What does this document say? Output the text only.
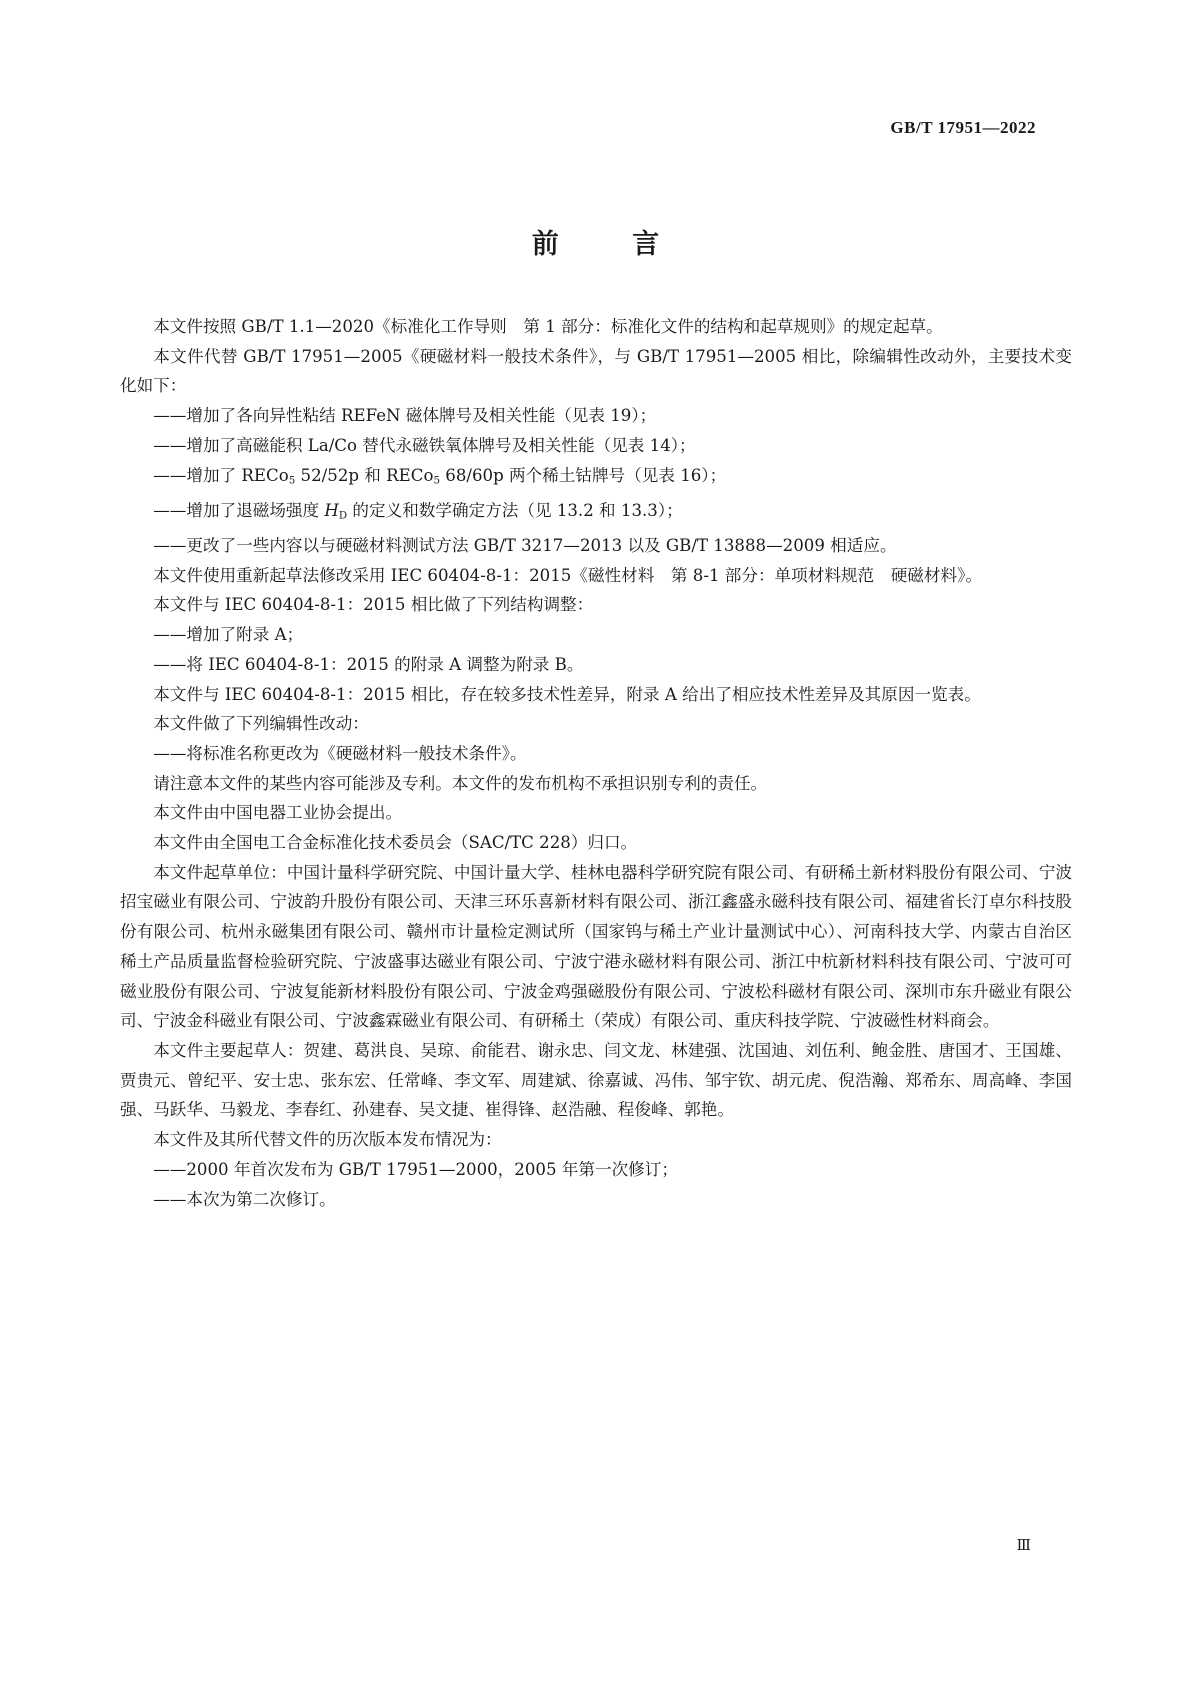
GB/T 17951—2022
前 言

本文件按照 GB/T 1.1—2020《标准化工作导则　第 1 部分：标准化文件的结构和起草规则》的规定起草。

本文件代替 GB/T 17951—2005《硬磁材料一般技术条件》，与 GB/T 17951—2005 相比，除编辑性改动外，主要技术变化如下：

——增加了各向异性粘结 REFeN 磁体牌号及相关性能（见表 19）；

——增加了高磁能积 La/Co 替代永磁铁氧体牌号及相关性能（见表 14）；

——增加了 RECo$_5$ 52/52p 和 RECo$_5$ 68/60p 两个稀土钴牌号（见表 16）；

——增加了退磁场强度 $H_D$ 的定义和数学确定方法（见 13.2 和 13.3）；

——更改了一些内容以与硬磁材料测试方法 GB/T 3217—2013 以及 GB/T 13888—2009 相适应。

本文件使用重新起草法修改采用 IEC 60404-8-1：2015《磁性材料　第 8-1 部分：单项材料规范　硬磁材料》。

本文件与 IEC 60404-8-1：2015 相比做了下列结构调整：

——增加了附录 A；

——将 IEC 60404-8-1：2015 的附录 A 调整为附录 B。

本文件与 IEC 60404-8-1：2015 相比，存在较多技术性差异，附录 A 给出了相应技术性差异及其原因一览表。

本文件做了下列编辑性改动：

——将标准名称更改为《硬磁材料一般技术条件》。

请注意本文件的某些内容可能涉及专利。本文件的发布机构不承担识别专利的责任。

本文件由中国电器工业协会提出。

本文件由全国电工合金标准化技术委员会（SAC/TC 228）归口。

本文件起草单位：中国计量科学研究院、中国计量大学、桂林电器科学研究院有限公司、有研稀土新材料股份有限公司、宁波招宝磁业有限公司、宁波韵升股份有限公司、天津三环乐喜新材料有限公司、浙江鑫盛永磁科技有限公司、福建省长汀卓尔科技股份有限公司、杭州永磁集团有限公司、赣州市计量检定测试所（国家钨与稀土产业计量测试中心）、河南科技大学、内蒙古自治区稀土产品质量监督检验研究院、宁波盛事达磁业有限公司、宁波宁港永磁材料有限公司、浙江中杭新材料科技有限公司、宁波可可磁业股份有限公司、宁波复能新材料股份有限公司、宁波金鸡强磁股份有限公司、宁波松科磁材有限公司、深圳市东升磁业有限公司、宁波金科磁业有限公司、宁波鑫霖磁业有限公司、有研稀土（荣成）有限公司、重庆科技学院、宁波磁性材料商会。

本文件主要起草人：贺建、葛洪良、吴琼、俞能君、谢永忠、闫文龙、林建强、沈国迪、刘伍利、鲍金胜、唐国才、王国雄、贾贵元、曾纪平、安士忠、张东宏、任常峰、李文军、周建斌、徐嘉诚、冯伟、邹宇钦、胡元虎、倪浩瀚、郑希东、周高峰、李国强、马跃华、马毅龙、李春红、孙建春、吴文捷、崔得锋、赵浩融、程俊峰、郭艳。

本文件及其所代替文件的历次版本发布情况为：

——2000 年首次发布为 GB/T 17951—2000，2005 年第一次修订；

——本次为第二次修订。

Ⅲ
